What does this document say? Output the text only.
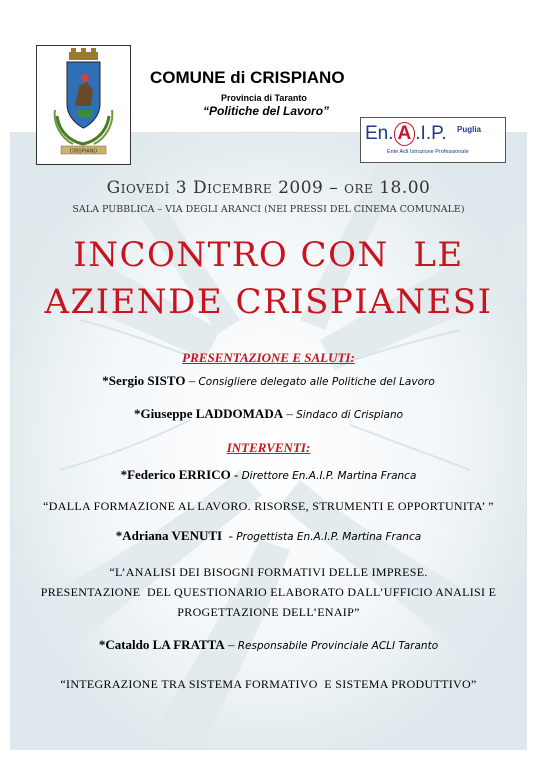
CRISPIANO
COMUNE di CRISPIANO
Provincia di Taranto
“Politiche del Lavoro”
En. A .I.P. Puglia
Ente Acli Istruzione Professionale
Giovedì 3 Dicembre 2009 – ore 18.00
SALA PUBBLICA – VIA DEGLI ARANCI (NEI PRESSI DEL CINEMA COMUNALE)
INCONTRO CON  LE
AZIENDE CRISPIANESI
PRESENTAZIONE E SALUTI:
*Sergio SISTO – Consigliere delegato alle Politiche del Lavoro
*Giuseppe LADDOMADA – Sindaco di Crispiano
INTERVENTI:
*Federico ERRICO - Direttore En.A.I.P. Martina Franca
“DALLA FORMAZIONE AL LAVORO. RISORSE, STRUMENTI E OPPORTUNITA’ ”
*Adriana VENUTI  - Progettista En.A.I.P. Martina Franca
“L’ANALISI DEI BISOGNI FORMATIVI DELLE IMPRESE.
PRESENTAZIONE  DEL QUESTIONARIO ELABORATO DALL’UFFICIO ANALISI E
PROGETTAZIONE DELL’ENAIP”
*Cataldo LA FRATTA – Responsabile Provinciale ACLI Taranto
“INTEGRAZIONE TRA SISTEMA FORMATIVO  E SISTEMA PRODUTTIVO”
